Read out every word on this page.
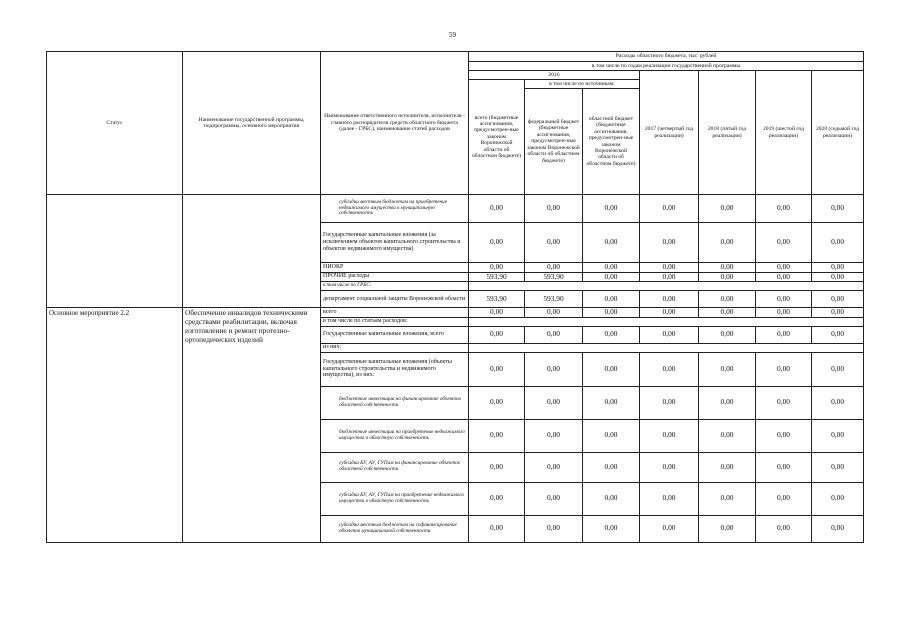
59
Статус	Наименование государственной программы, подпрограммы, основного мероприятия	Наименование ответственного исполнителя, исполнителя - главного распорядителя средств областного бюджета (далее - ГРБС), наименование статей расходов	Расходы областного бюджета, тыс. рублей						
			в том числе по годам реализации государственной программы						
			2016			2017 (четвертый год реализации)	2018 (пятый год реализации)	2019 (шестой год реализации)	2020 (седьмой год реализации)
			всего (бюджетные ассигнования, предусмотрен-ные законом Воронежской области об областном бюджете)	в том числе по источникам:					
				федеральный бюджет (бюджетные ассигнования, предусмотрен-ные законом Воронежской области об областном бюджете)	областной бюджет (бюджетные ассигнования, предусмотрен-ные законом Воронежской области об областном бюджете)				
		субсидии местным бюджетам на приобретение недвижимого имущества в муниципальную собственность	0,00	0,00	0,00	0,00	0,00	0,00	0,00
		Государственные капитальные вложения (за исключением объектов капитального строительства и объектов недвижимого имущества)	0,00	0,00	0,00	0,00	0,00	0,00	0,00
		НИОКР	0,00	0,00	0,00	0,00	0,00	0,00	0,00
		ПРОЧИЕ расходы	593,90	593,90	0,00	0,00	0,00	0,00	0,00
		в том числе по ГРБС:							
		департамент социальной защиты Воронежской области	593,90	593,90	0,00	0,00	0,00	0,00	0,00
Основное мероприятие 2.2	Обеспечение инвалидов техническими средствами реабилитации, включая изготовление и ремонт протезно-ортопедических изделий	всего	0,00	0,00	0,00	0,00	0,00	0,00	0,00
		в том числе по статьям расходов:							
		Государственные капитальные вложения, всего	0,00	0,00	0,00	0,00	0,00	0,00	0,00
		из них:							
		Государственные капитальные вложения (объекты капитального строительства и недвижимого имущества), из них:	0,00	0,00	0,00	0,00	0,00	0,00	0,00
		бюджетные инвестиции на финансирование объектов областной собственности	0,00	0,00	0,00	0,00	0,00	0,00	0,00
		бюджетные инвестиции на приобретение недвижимого имущества в областную собственность	0,00	0,00	0,00	0,00	0,00	0,00	0,00
		субсидии БУ, АУ, ГУПам на финансирование объектов областной собственности	0,00	0,00	0,00	0,00	0,00	0,00	0,00
		субсидии БУ, АУ, ГУПам на приобретение недвижимого имущества в областную собственность	0,00	0,00	0,00	0,00	0,00	0,00	0,00
		субсидии местным бюджетам на софинансирование объектов муниципальной собственности	0,00	0,00	0,00	0,00	0,00	0,00	0,00
